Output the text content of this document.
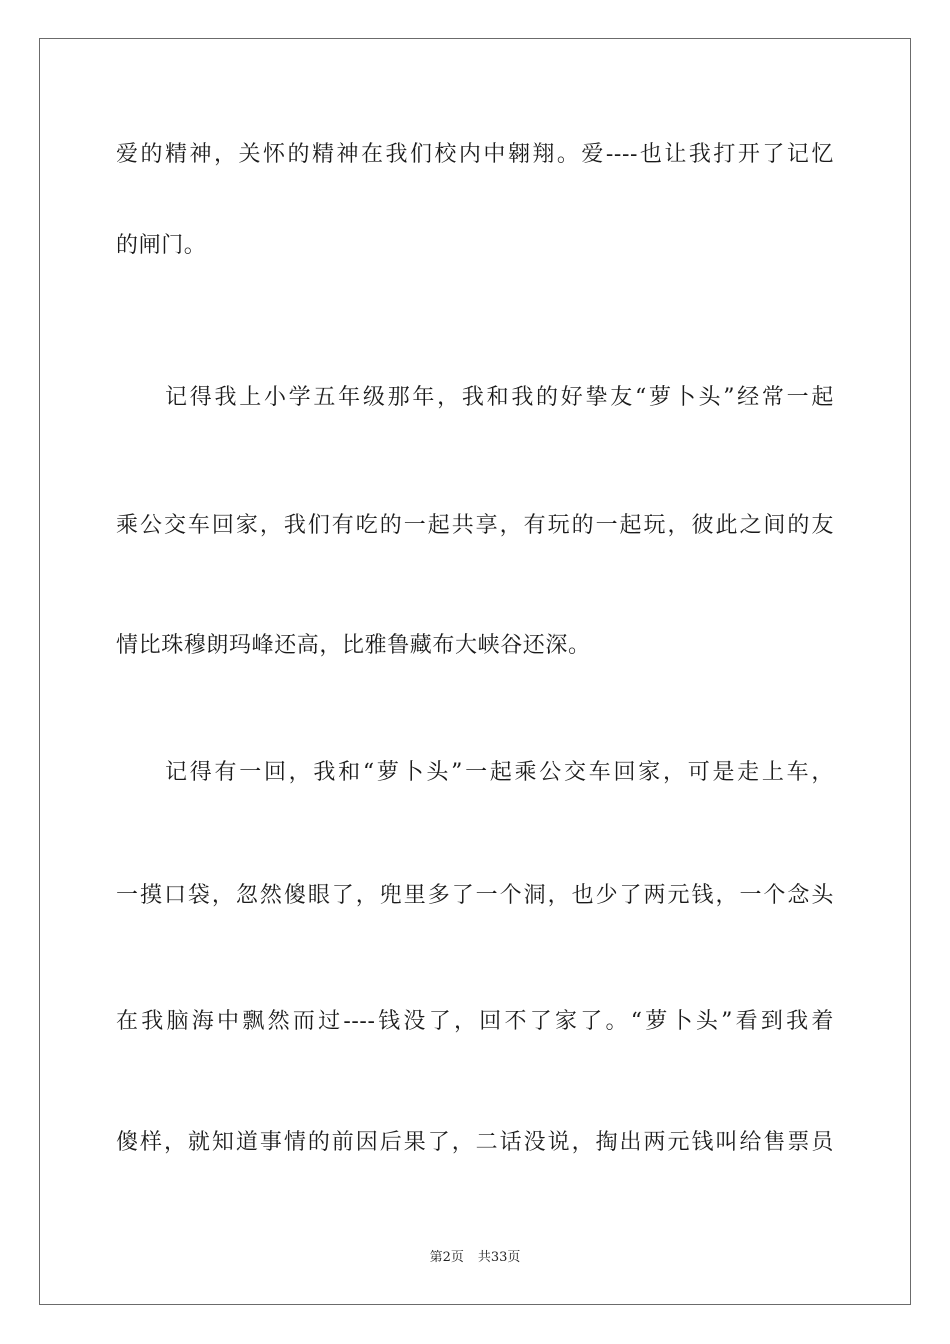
爱的精神，关怀的精神在我们校内中翱翔。爱----也让我打开了记忆
的闸门。
记得我上小学五年级那年，我和我的好挚友“萝卜头”经常一起
乘公交车回家，我们有吃的一起共享，有玩的一起玩，彼此之间的友
情比珠穆朗玛峰还高，比雅鲁藏布大峡谷还深。
记得有一回，我和“萝卜头”一起乘公交车回家，可是走上车，
一摸口袋，忽然傻眼了，兜里多了一个洞，也少了两元钱，一个念头
在我脑海中飘然而过----钱没了，回不了家了。“萝卜头”看到我着
傻样，就知道事情的前因后果了，二话没说，掏出两元钱叫给售票员
第2页 共33页
